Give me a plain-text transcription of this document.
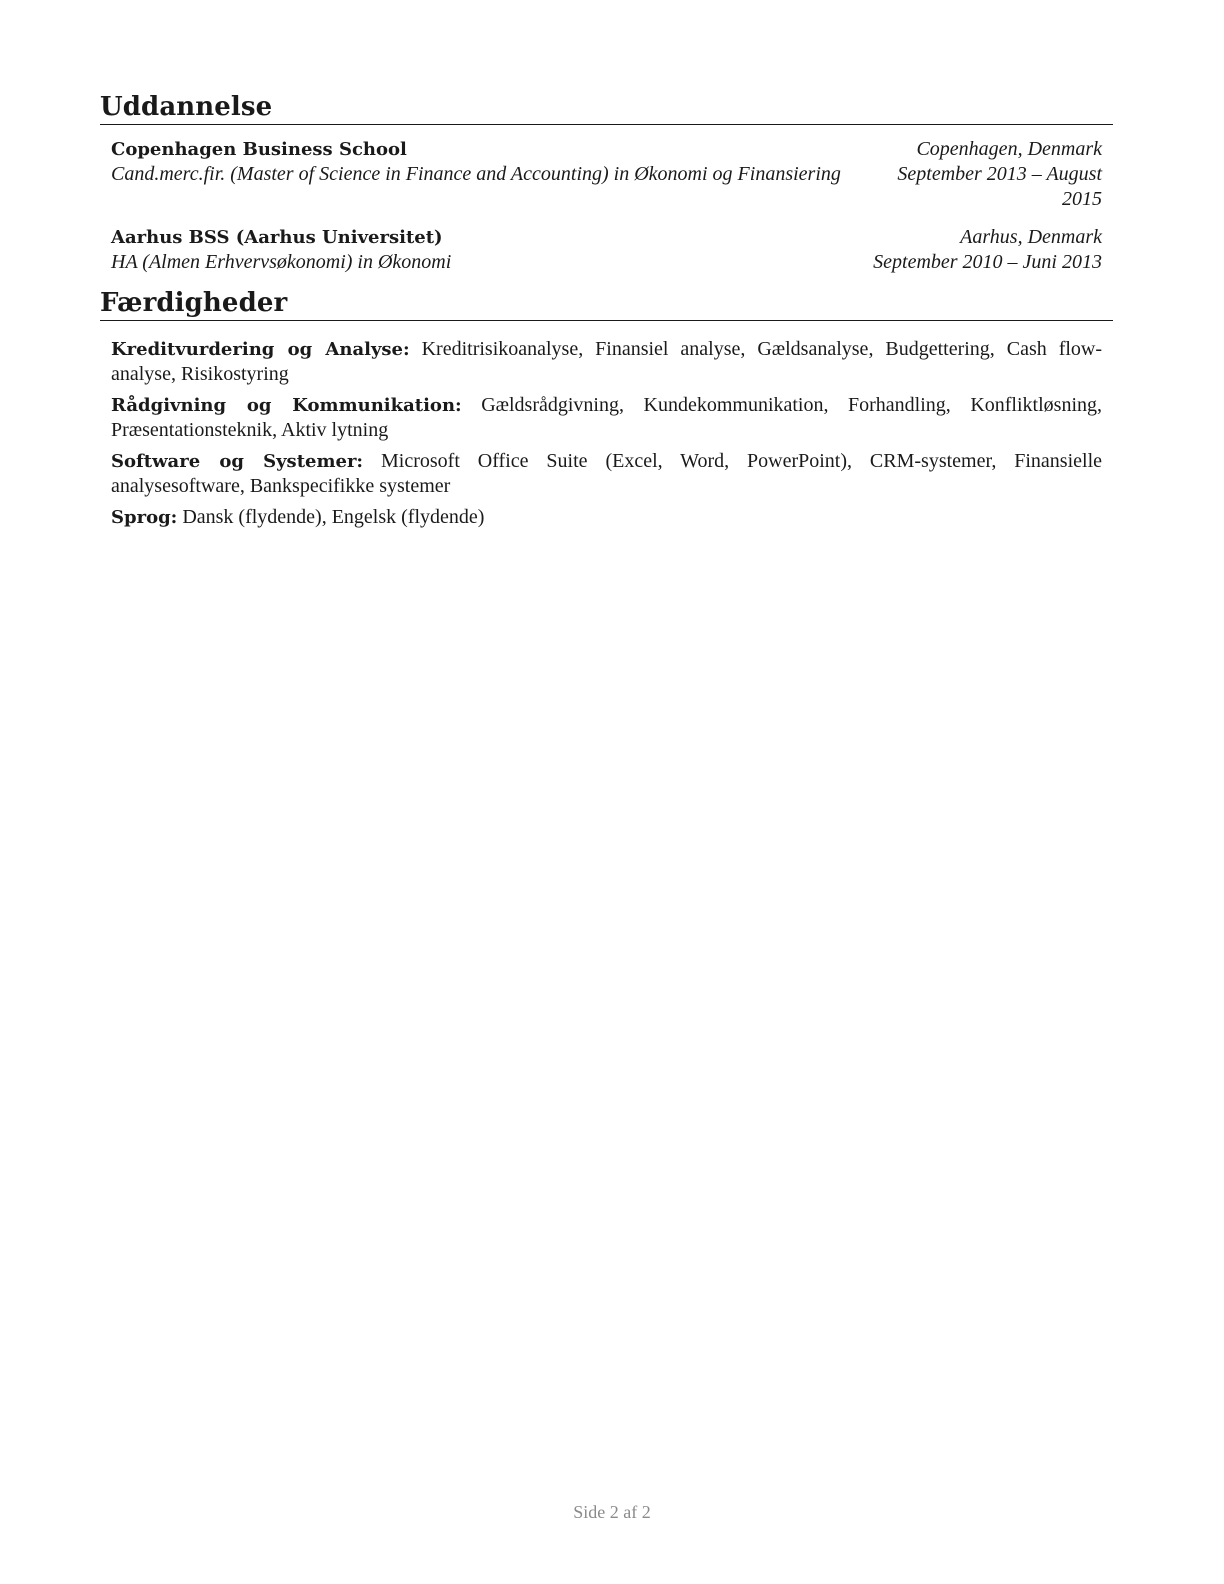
Uddannelse
Copenhagen Business School	Copenhagen, Denmark
Cand.merc.fir. (Master of Science in Finance and Accounting) in Økonomi og Finansiering	September 2013 – August 2015
Aarhus BSS (Aarhus Universitet)	Aarhus, Denmark
HA (Almen Erhvervsøkonomi) in Økonomi	September 2010 – Juni 2013
Færdigheder
Kreditvurdering og Analyse: Kreditrisikoanalyse, Finansiel analyse, Gældsanalyse, Budgettering, Cash flow-analyse, Risikostyring
Rådgivning og Kommunikation: Gældsrådgivning, Kundekommunikation, Forhandling, Konfliktløsning, Præsentationsteknik, Aktiv lytning
Software og Systemer: Microsoft Office Suite (Excel, Word, PowerPoint), CRM-systemer, Finansielle analysesoftware, Bankspecifikke systemer
Sprog: Dansk (flydende), Engelsk (flydende)
Side 2 af 2
